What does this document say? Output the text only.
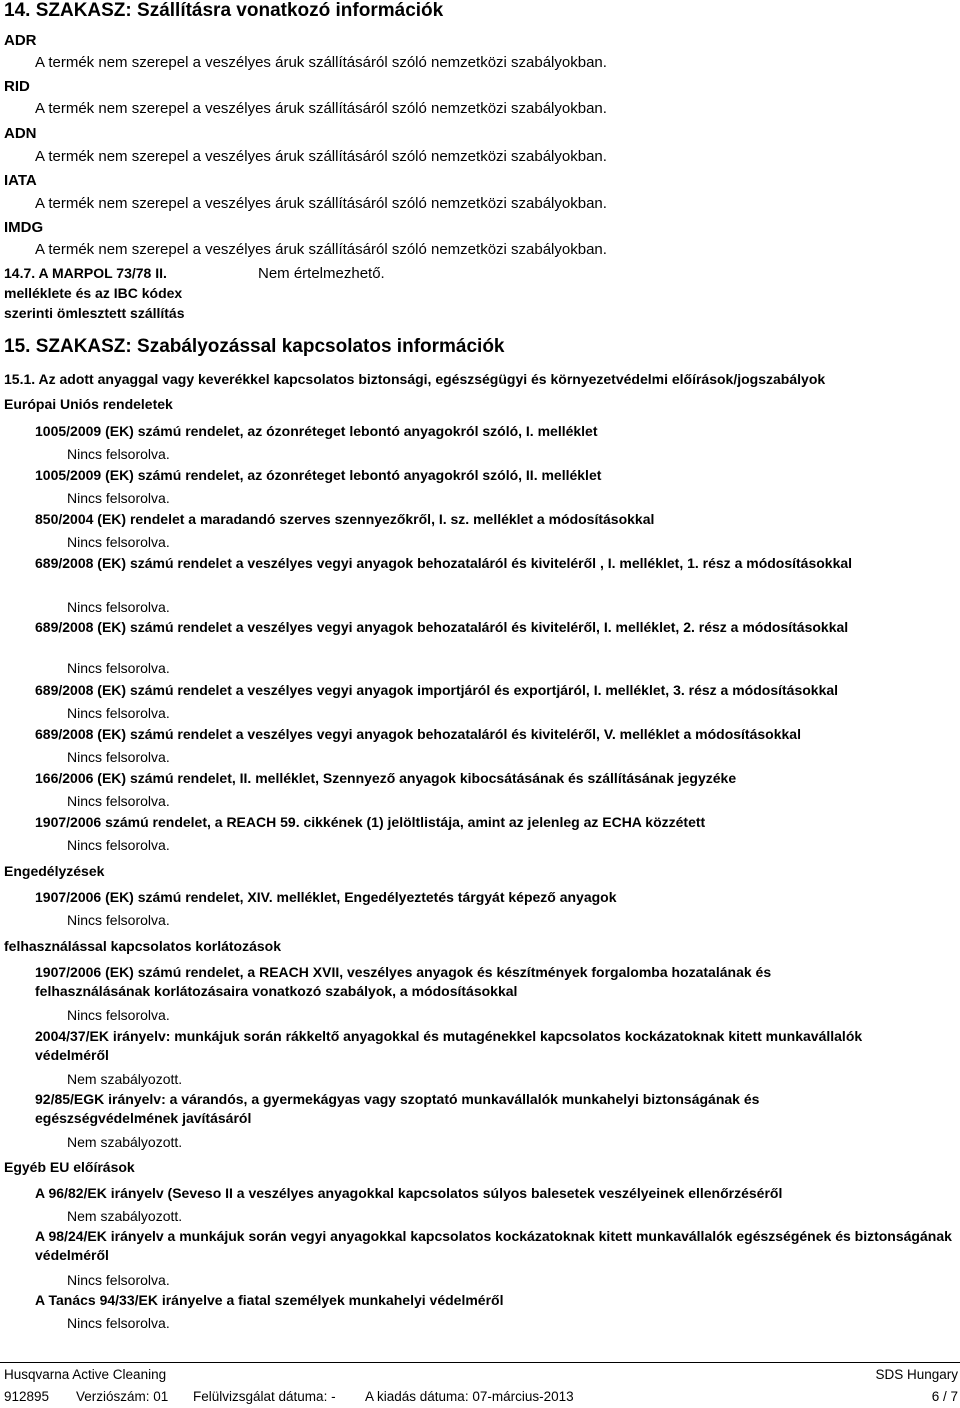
14. SZAKASZ: Szállításra vonatkozó információk
ADR
A termék nem szerepel a veszélyes áruk szállításáról szóló nemzetközi szabályokban.
RID
A termék nem szerepel a veszélyes áruk szállításáról szóló nemzetközi szabályokban.
ADN
A termék nem szerepel a veszélyes áruk szállításáról szóló nemzetközi szabályokban.
IATA
A termék nem szerepel a veszélyes áruk szállításáról szóló nemzetközi szabályokban.
IMDG
A termék nem szerepel a veszélyes áruk szállításáról szóló nemzetközi szabályokban.
14.7. A MARPOL 73/78 II.
melléklete és az IBC kódex
szerinti ömlesztett szállítás
Nem értelmezhető.
15. SZAKASZ: Szabályozással kapcsolatos információk
15.1. Az adott anyaggal vagy keverékkel kapcsolatos biztonsági, egészségügyi és környezetvédelmi előírások/jogszabályok
Európai Uniós rendeletek
1005/2009 (EK) számú rendelet, az ózonréteget lebontó anyagokról szóló, I. melléklet
Nincs felsorolva.
1005/2009 (EK) számú rendelet, az ózonréteget lebontó anyagokról szóló, II. melléklet
Nincs felsorolva.
850/2004 (EK) rendelet a maradandó szerves szennyezőkről, I. sz. melléklet a módosításokkal
Nincs felsorolva.
689/2008 (EK) számú rendelet a veszélyes vegyi anyagok behozataláról és kiviteléről , I. melléklet, 1. rész a módosításokkal
Nincs felsorolva.
689/2008 (EK) számú rendelet a veszélyes vegyi anyagok behozataláról és kiviteléről, I. melléklet, 2. rész a módosításokkal
Nincs felsorolva.
689/2008 (EK) számú rendelet a veszélyes vegyi anyagok importjáról és exportjáról, I. melléklet, 3. rész a módosításokkal
Nincs felsorolva.
689/2008 (EK) számú rendelet a veszélyes vegyi anyagok behozataláról és kiviteléről, V. melléklet a módosításokkal
Nincs felsorolva.
166/2006 (EK) számú rendelet, II. melléklet, Szennyező anyagok kibocsátásának és szállításának jegyzéke
Nincs felsorolva.
1907/2006 számú rendelet, a REACH 59. cikkének (1) jelöltlistája, amint az jelenleg az ECHA közzétett
Nincs felsorolva.
Engedélyzések
1907/2006 (EK) számú rendelet, XIV. melléklet, Engedélyeztetés tárgyát képező anyagok
Nincs felsorolva.
felhasználással kapcsolatos korlátozások
1907/2006 (EK) számú rendelet, a REACH XVII, veszélyes anyagok és készítmények forgalomba hozatalának és felhasználásának korlátozásaira vonatkozó szabályok, a módosításokkal
Nincs felsorolva.
2004/37/EK irányelv: munkájuk során rákkeltő anyagokkal és mutagénekkel kapcsolatos kockázatoknak kitett munkavállalók védelméről
Nem szabályozott.
92/85/EGK irányelv: a várandós, a gyermekágyas vagy szoptató munkavállalók munkahelyi biztonságának és egészségvédelmének javításáról
Nem szabályozott.
Egyéb EU előírások
A 96/82/EK irányelv (Seveso II a veszélyes anyagokkal kapcsolatos súlyos balesetek veszélyeinek ellenőrzéséről
Nem szabályozott.
A 98/24/EK irányelv a munkájuk során vegyi anyagokkal kapcsolatos kockázatoknak kitett munkavállalók egészségének és biztonságának védelméről
Nincs felsorolva.
A Tanács 94/33/EK irányelve a fiatal személyek munkahelyi védelméről
Nincs felsorolva.
Husqvarna Active Cleaning	SDS Hungary
912895 Verziószám: 01 Felülvizsgálat dátuma: - A kiadás dátuma: 07-március-2013	6 / 7
